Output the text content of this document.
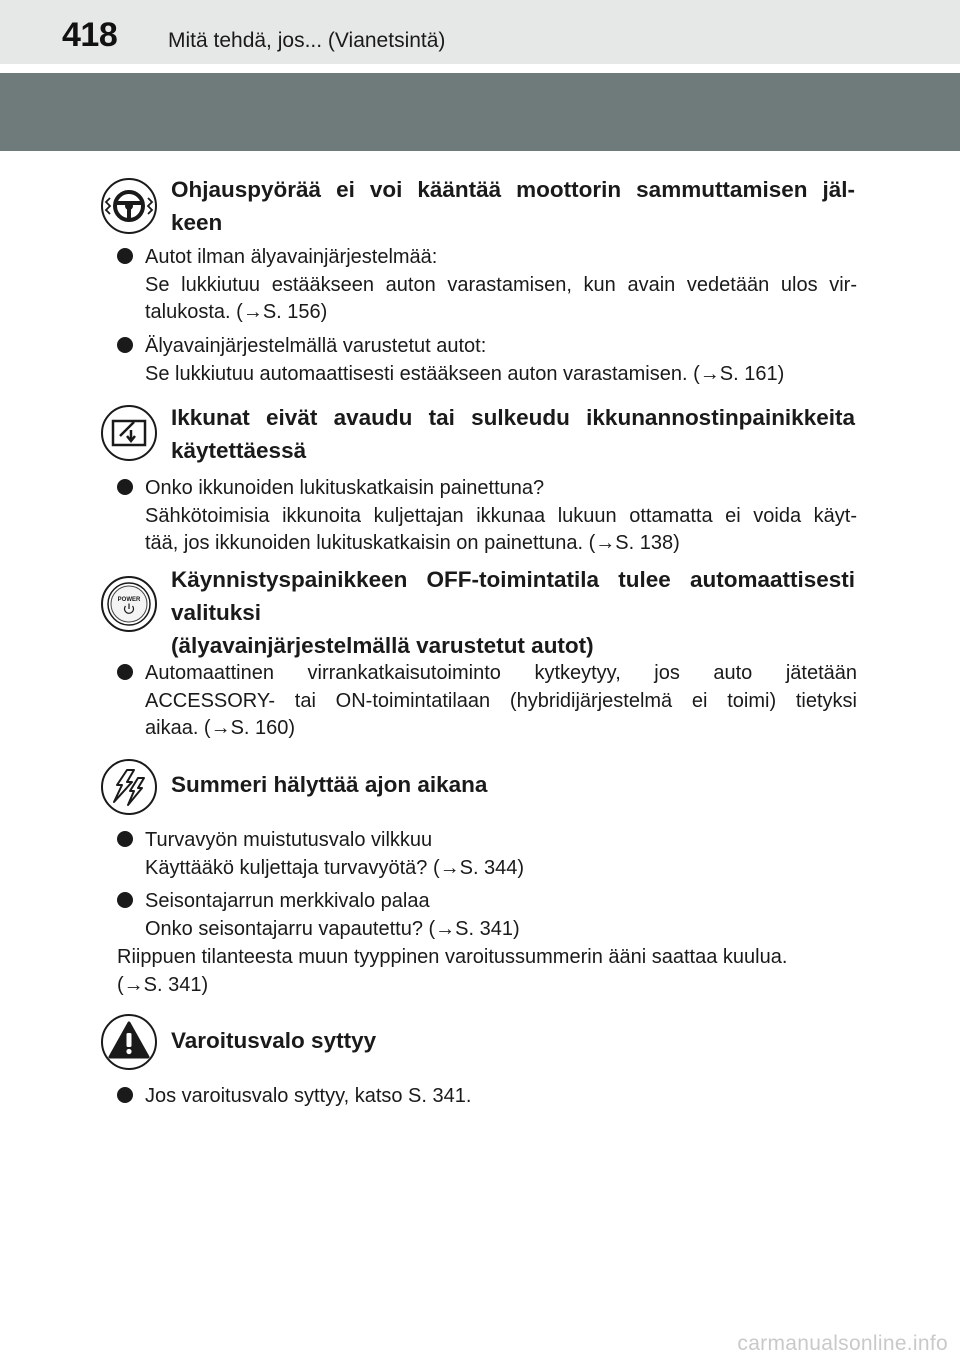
418 Mitä tehdä, jos... (Vianetsintä)
Ohjauspyörää ei voi kääntää moottorin sammuttamisen jäl-
keen
Autot ilman älyavainjärjestelmää:
Se lukkiutuu estääkseen auton varastamisen, kun avain vedetään ulos vir-
talukosta. (→S. 156)
Älyavainjärjestelmällä varustetut autot:
Se lukkiutuu automaattisesti estääkseen auton varastamisen. (→S. 161)
Ikkunat eivät avaudu tai sulkeudu ikkunannostinpainikkeita
käytettäessä
Onko ikkunoiden lukituskatkaisin painettuna?
Sähkötoimisia ikkunoita kuljettajan ikkunaa lukuun ottamatta ei voida käyt-
tää, jos ikkunoiden lukituskatkaisin on painettuna. (→S. 138)
POWER
Käynnistyspainikkeen OFF-toimintatila tulee automaattisesti
valituksi
(älyavainjärjestelmällä varustetut autot)
Automaattinen virrankatkaisutoiminto kytkeytyy, jos auto jätetään
ACCESSORY- tai ON-toimintatilaan (hybridijärjestelmä ei toimi) tietyksi
aikaa. (→S. 160)
Summeri hälyttää ajon aikana
Turvavyön muistutusvalo vilkkuu
Käyttääkö kuljettaja turvavyötä? (→S. 344)
Seisontajarrun merkkivalo palaa
Onko seisontajarru vapautettu? (→S. 341)
Riippuen tilanteesta muun tyyppinen varoitussummerin ääni saattaa kuulua.
(→S. 341)
Varoitusvalo syttyy
Jos varoitusvalo syttyy, katso S. 341.
carmanualsonline.info
